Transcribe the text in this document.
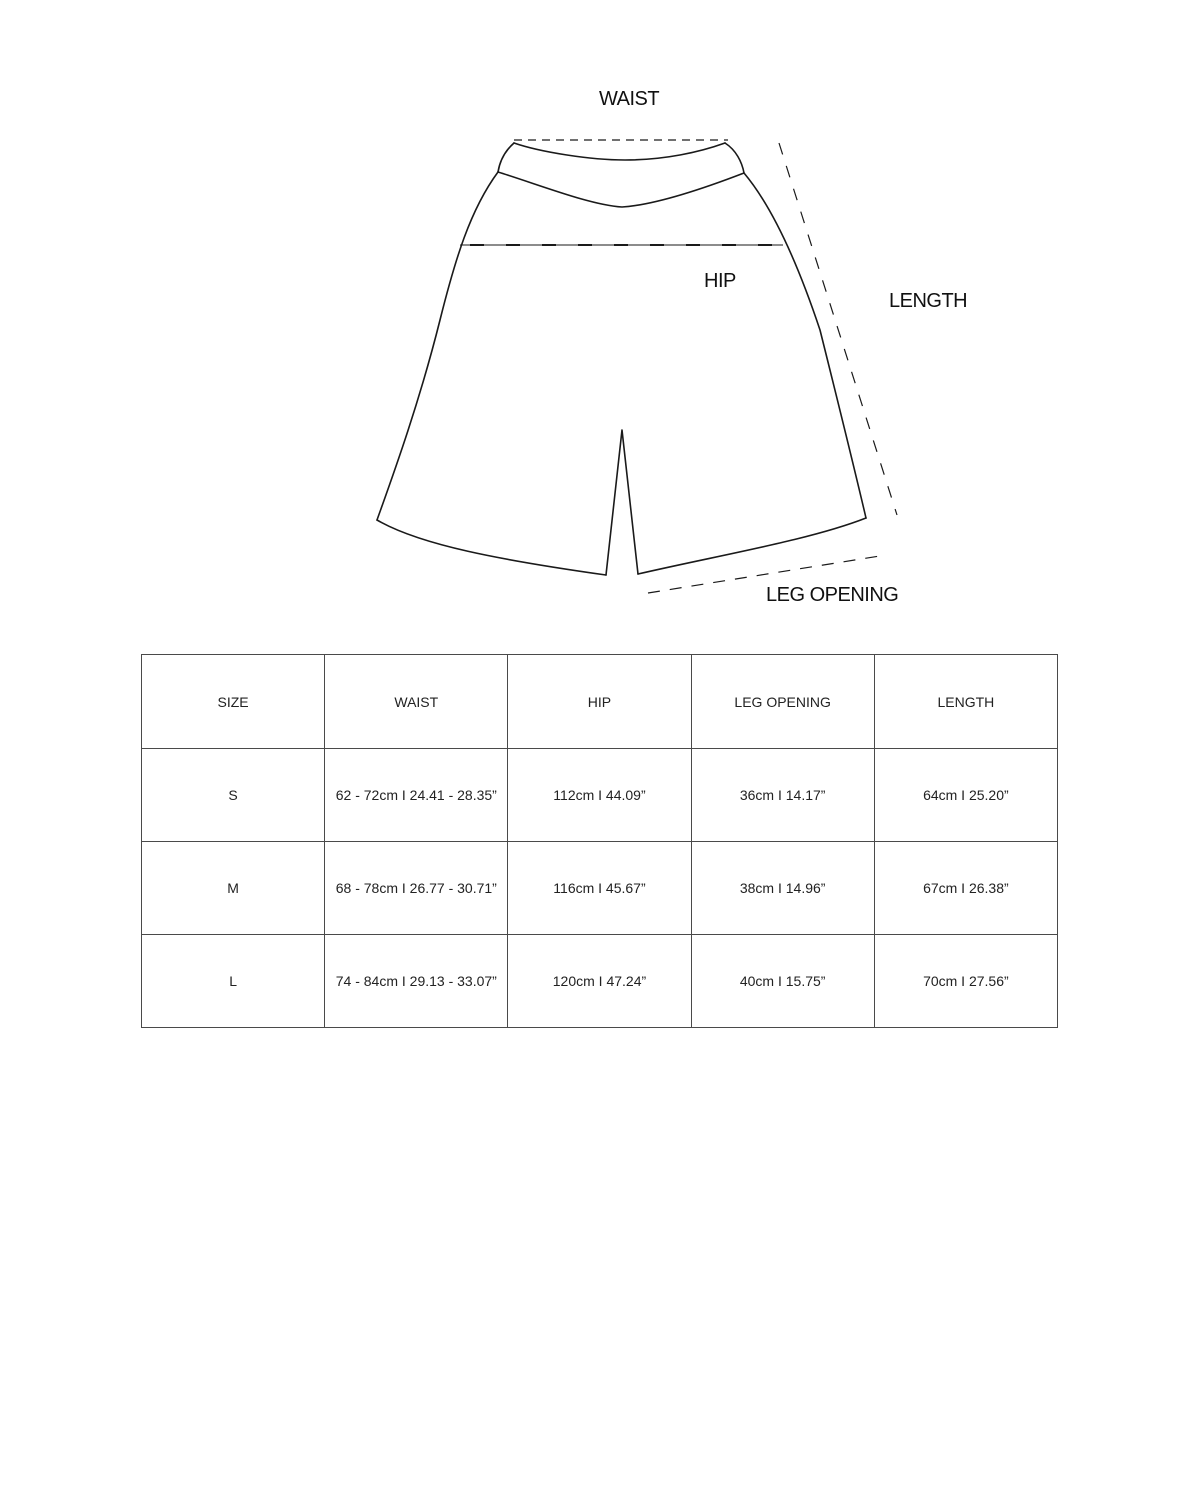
WAIST
HIP
LENGTH
LEG OPENING
SIZE	WAIST	HIP	LEG OPENING	LENGTH
S	62 - 72cm I 24.41 - 28.35”	112cm I 44.09”	36cm I 14.17”	64cm I 25.20”
M	68 - 78cm I 26.77 - 30.71”	116cm I 45.67”	38cm I 14.96”	67cm I 26.38”
L	74 - 84cm I 29.13 - 33.07”	120cm I 47.24”	40cm I 15.75”	70cm I 27.56”
